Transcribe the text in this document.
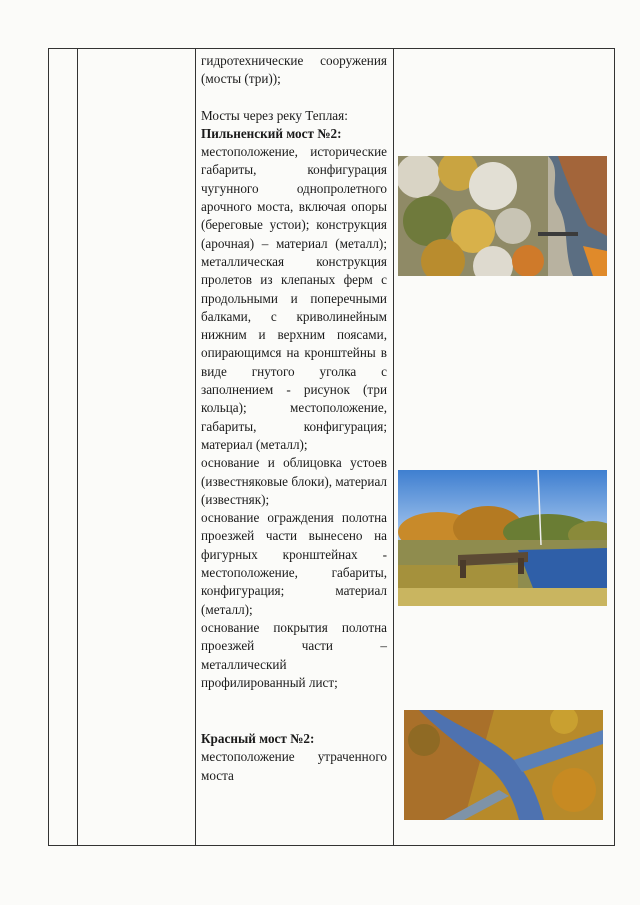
гидротехнические сооружения (мосты (три));

Мосты через реку Теплая:

Пильненский мост №2:

местоположение, исторические габариты, конфигурация чугунного однопролетного арочного моста, включая опоры (береговые устои); конструкция (арочная) – материал (металл); металлическая конструкция пролетов из клепаных ферм с продольными и поперечными балками, с криволинейным нижним и верхним поясами, опирающимся на кронштейны в виде гнутого уголка с заполнением - рисунок (три кольца); местоположение, габариты, конфигурация; материал (металл);

основание и облицовка устоев (известняковые блоки), материал (известняк);

основание ограждения полотна проезжей части вынесено на фигурных кронштейнах - местоположение, габариты, конфигурация; материал (металл);

основание покрытия полотна проезжей части – металлический профилированный лист;

Красный мост №2:

местоположение утраченного моста
